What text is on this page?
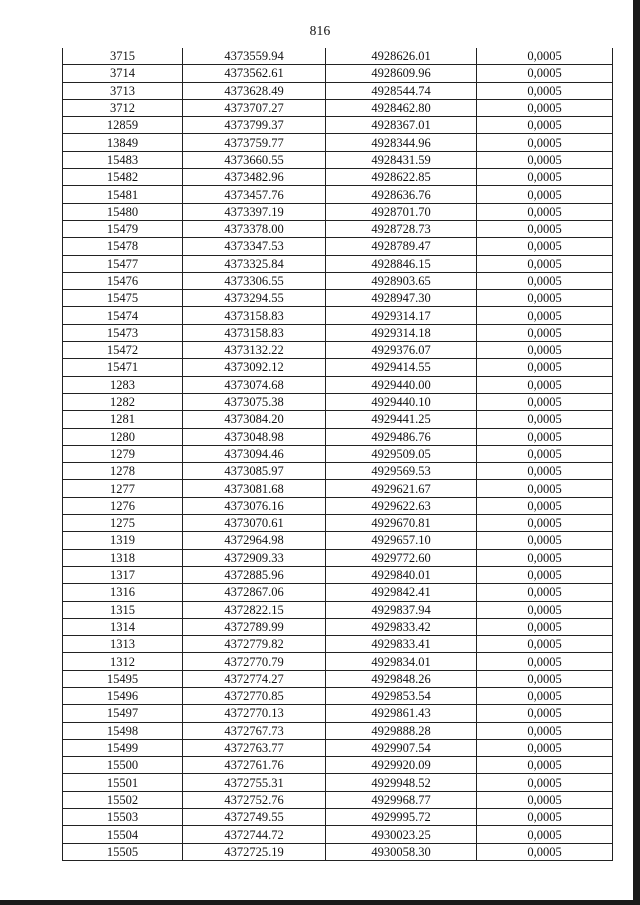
816
3715	4373559.94	4928626.01	0,0005
3714	4373562.61	4928609.96	0,0005
3713	4373628.49	4928544.74	0,0005
3712	4373707.27	4928462.80	0,0005
12859	4373799.37	4928367.01	0,0005
13849	4373759.77	4928344.96	0,0005
15483	4373660.55	4928431.59	0,0005
15482	4373482.96	4928622.85	0,0005
15481	4373457.76	4928636.76	0,0005
15480	4373397.19	4928701.70	0,0005
15479	4373378.00	4928728.73	0,0005
15478	4373347.53	4928789.47	0,0005
15477	4373325.84	4928846.15	0,0005
15476	4373306.55	4928903.65	0,0005
15475	4373294.55	4928947.30	0,0005
15474	4373158.83	4929314.17	0,0005
15473	4373158.83	4929314.18	0,0005
15472	4373132.22	4929376.07	0,0005
15471	4373092.12	4929414.55	0,0005
1283	4373074.68	4929440.00	0,0005
1282	4373075.38	4929440.10	0,0005
1281	4373084.20	4929441.25	0,0005
1280	4373048.98	4929486.76	0,0005
1279	4373094.46	4929509.05	0,0005
1278	4373085.97	4929569.53	0,0005
1277	4373081.68	4929621.67	0,0005
1276	4373076.16	4929622.63	0,0005
1275	4373070.61	4929670.81	0,0005
1319	4372964.98	4929657.10	0,0005
1318	4372909.33	4929772.60	0,0005
1317	4372885.96	4929840.01	0,0005
1316	4372867.06	4929842.41	0,0005
1315	4372822.15	4929837.94	0,0005
1314	4372789.99	4929833.42	0,0005
1313	4372779.82	4929833.41	0,0005
1312	4372770.79	4929834.01	0,0005
15495	4372774.27	4929848.26	0,0005
15496	4372770.85	4929853.54	0,0005
15497	4372770.13	4929861.43	0,0005
15498	4372767.73	4929888.28	0,0005
15499	4372763.77	4929907.54	0,0005
15500	4372761.76	4929920.09	0,0005
15501	4372755.31	4929948.52	0,0005
15502	4372752.76	4929968.77	0,0005
15503	4372749.55	4929995.72	0,0005
15504	4372744.72	4930023.25	0,0005
15505	4372725.19	4930058.30	0,0005
